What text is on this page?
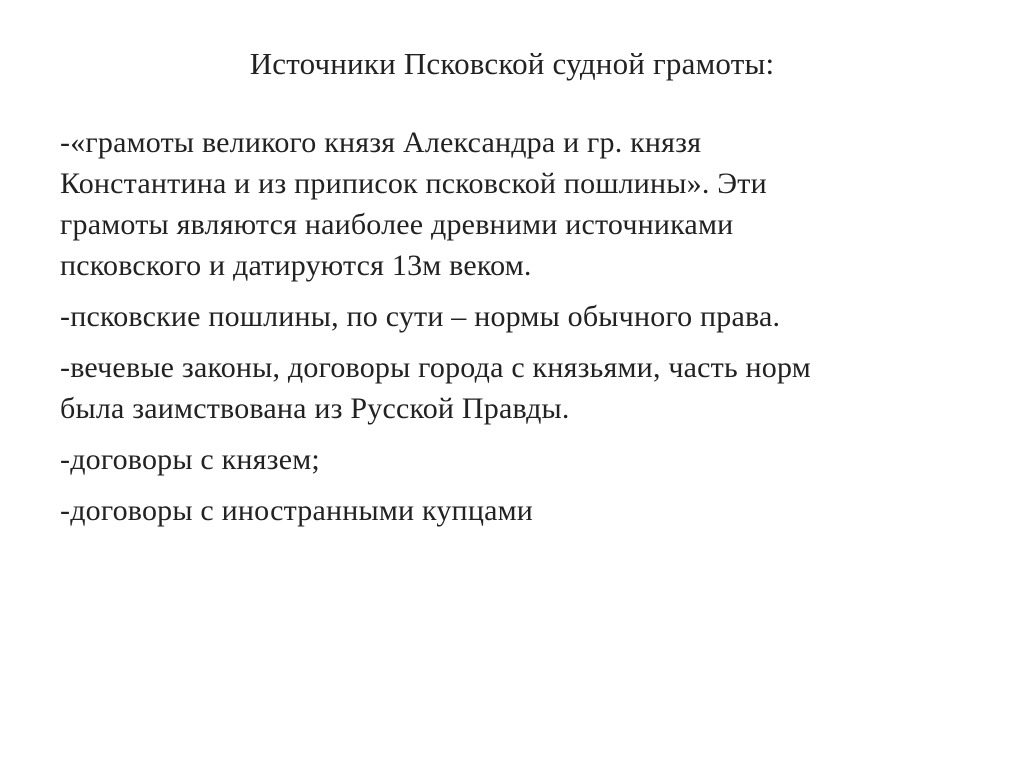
Источники Псковской судной грамоты:
-«грамоты великого князя Александра и гр. князя
Константина и из приписок псковской пошлины». Эти
грамоты являются наиболее древними источниками
псковского и датируются 13м веком.
-псковские пошлины, по сути – нормы обычного права.
-вечевые законы, договоры города с князьями, часть норм
была заимствована из Русской Правды.
-договоры с князем;
-договоры с иностранными купцами
